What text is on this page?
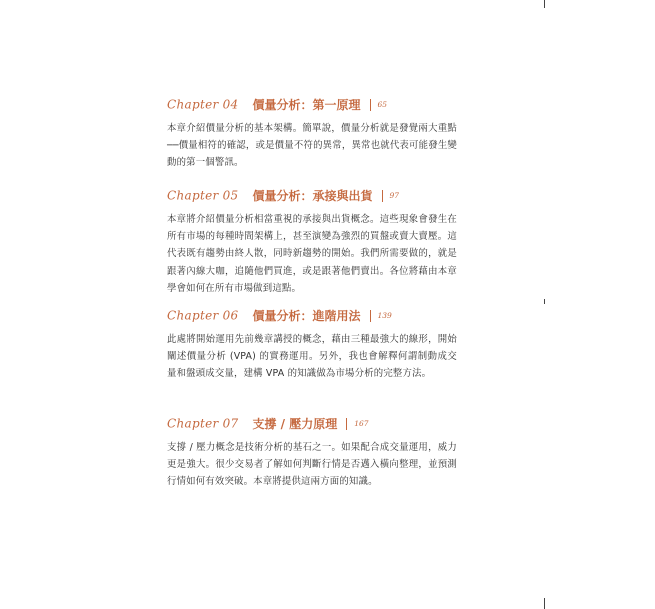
Chapter 04 價量分析：第一原理 65
本章介紹價量分析的基本架構。簡單說，價量分析就是發覺兩大重點──價量相符的確認，或是價量不符的異常，異常也就代表可能發生變動的第一個警訊。
Chapter 05 價量分析：承接與出貨 97
本章將介紹價量分析相當重視的承接與出貨概念。這些現象會發生在所有市場的每種時間架構上，甚至演變為強烈的買盤或賣大賣壓。這代表既有趨勢由終人散，同時新趨勢的開始。我們所需要做的，就是跟著內線大咖，追隨他們買進，或是跟著他們賣出。各位將藉由本章學會如何在所有市場做到這點。
Chapter 06 價量分析：進階用法 139
此處將開始運用先前幾章講授的概念，藉由三種最強大的線形，開始闡述價量分析 (VPA) 的實務運用。另外，我也會解釋何謂制動成交量和盤頭成交量，建構 VPA 的知識做為市場分析的完整方法。
Chapter 07 支撐 / 壓力原理 167
支撐 / 壓力概念是技術分析的基石之一。如果配合成交量運用，威力更是強大。很少交易者了解如何判斷行情是否邁入橫向整理，並預測行情如何有效突破。本章將提供這兩方面的知識。
